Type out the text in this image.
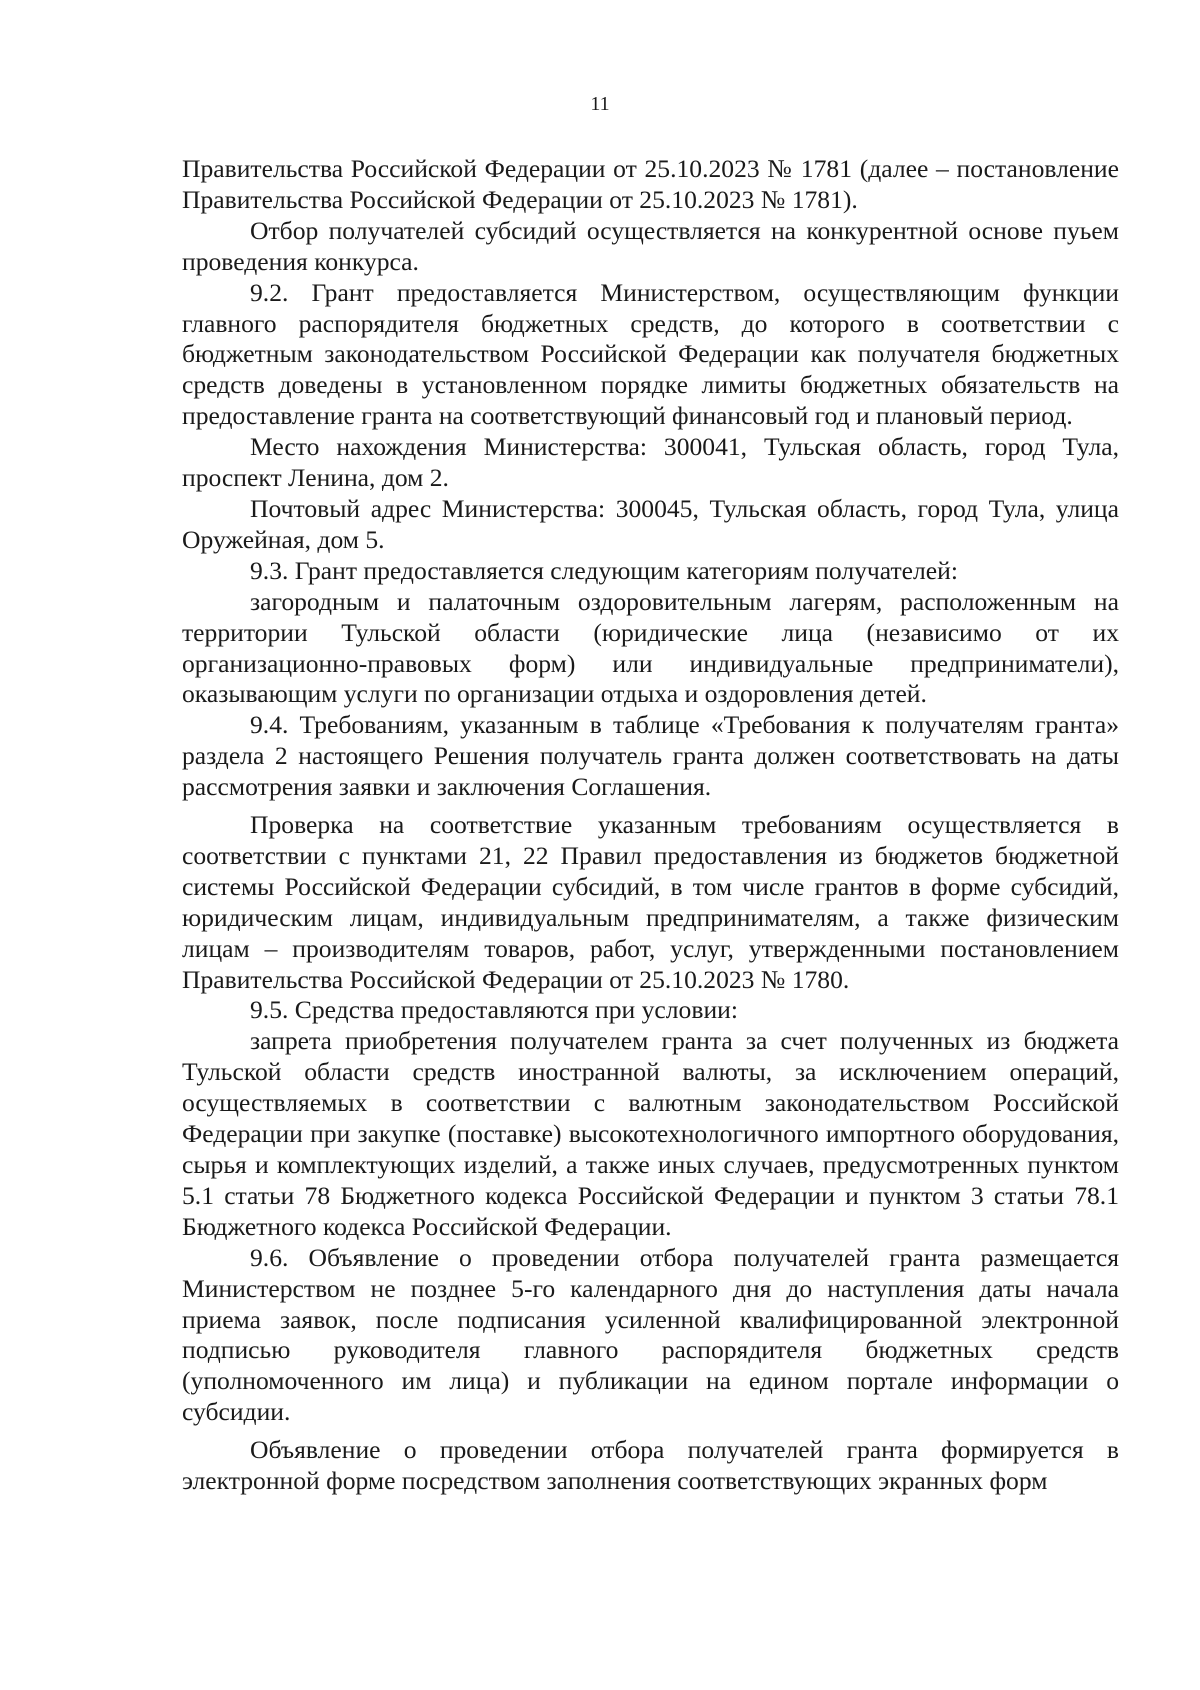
11

Правительства Российской Федерации от 25.10.2023 № 1781 (далее – постановление Правительства Российской Федерации от 25.10.2023 № 1781).

Отбор получателей субсидий осуществляется на конкурентной основе пуьем проведения конкурса.

9.2. Грант предоставляется Министерством, осуществляющим функции главного распорядителя бюджетных средств, до которого в соответствии с бюджетным законодательством Российской Федерации как получателя бюджетных средств доведены в установленном порядке лимиты бюджетных обязательств на предоставление гранта на соответствующий финансовый год и плановый период.

Место нахождения Министерства: 300041, Тульская область, город Тула, проспект Ленина, дом 2.

Почтовый адрес Министерства: 300045, Тульская область, город Тула, улица Оружейная, дом 5.

9.3. Грант предоставляется следующим категориям получателей:

загородным и палаточным оздоровительным лагерям, расположенным на территории Тульской области (юридические лица (независимо от их организационно-правовых форм) или индивидуальные предприниматели), оказывающим услуги по организации отдыха и оздоровления детей.

9.4. Требованиям, указанным в таблице «Требования к получателям гранта» раздела 2 настоящего Решения получатель гранта должен соответствовать на даты рассмотрения заявки и заключения Соглашения.

Проверка на соответствие указанным требованиям осуществляется в соответствии с пунктами 21, 22 Правил предоставления из бюджетов бюджетной системы Российской Федерации субсидий, в том числе грантов в форме субсидий, юридическим лицам, индивидуальным предпринимателям, а также физическим лицам – производителям товаров, работ, услуг, утвержденными постановлением Правительства Российской Федерации от 25.10.2023 № 1780.

9.5. Средства предоставляются при условии:

запрета приобретения получателем гранта за счет полученных из бюджета Тульской области средств иностранной валюты, за исключением операций, осуществляемых в соответствии с валютным законодательством Российской Федерации при закупке (поставке) высокотехнологичного импортного оборудования, сырья и комплектующих изделий, а также иных случаев, предусмотренных пунктом 5.1 статьи 78 Бюджетного кодекса Российской Федерации и пунктом 3 статьи 78.1 Бюджетного кодекса Российской Федерации.

9.6. Объявление о проведении отбора получателей гранта размещается Министерством не позднее 5-го календарного дня до наступления даты начала приема заявок, после подписания усиленной квалифицированной электронной подписью руководителя главного распорядителя бюджетных средств (уполномоченного им лица) и публикации на едином портале информации о субсидии.

Объявление о проведении отбора получателей гранта формируется в электронной форме посредством заполнения соответствующих экранных форм
